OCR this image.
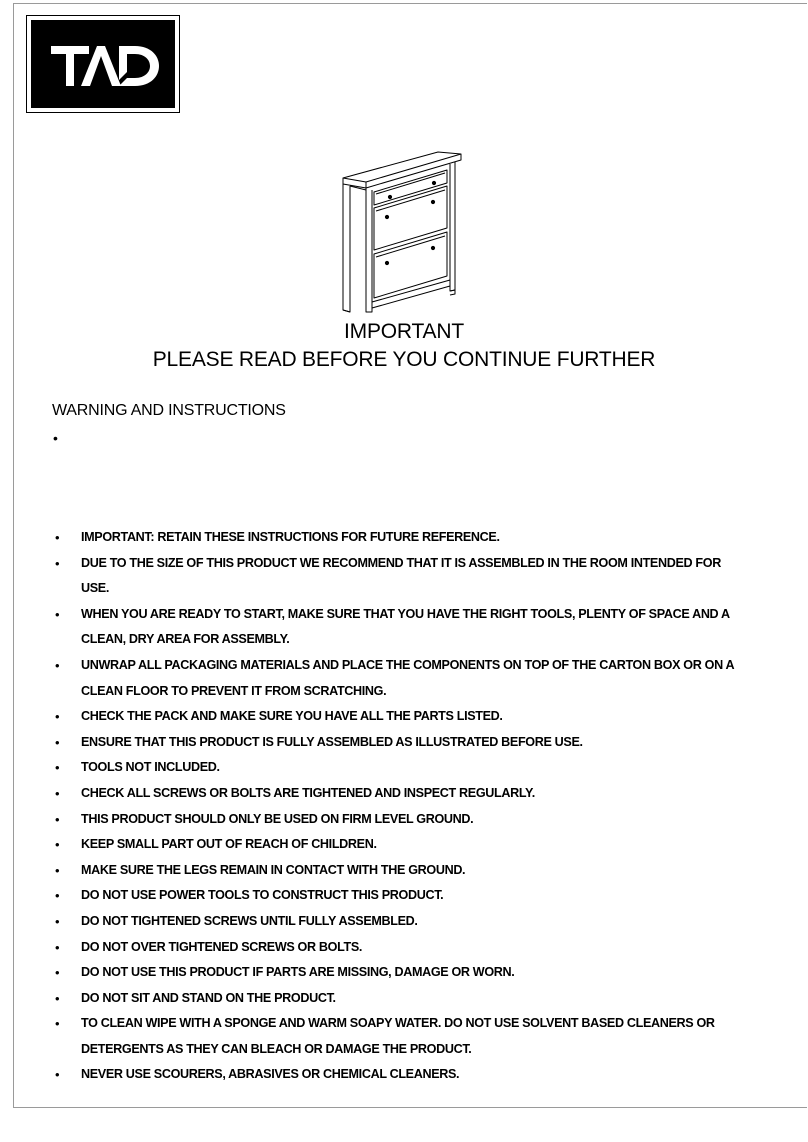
IMPORTANT
PLEASE READ BEFORE YOU CONTINUE FURTHER
WARNING AND INSTRUCTIONS
•
• IMPORTANT: RETAIN THESE INSTRUCTIONS FOR FUTURE REFERENCE.
• DUE TO THE SIZE OF THIS PRODUCT WE RECOMMEND THAT IT IS ASSEMBLED IN THE ROOM INTENDED FOR USE.
• WHEN YOU ARE READY TO START, MAKE SURE THAT YOU HAVE THE RIGHT TOOLS, PLENTY OF SPACE AND A CLEAN, DRY AREA FOR ASSEMBLY.
• UNWRAP ALL PACKAGING MATERIALS AND PLACE THE COMPONENTS ON TOP OF THE CARTON BOX OR ON A CLEAN FLOOR TO PREVENT IT FROM SCRATCHING.
• CHECK THE PACK AND MAKE SURE YOU HAVE ALL THE PARTS LISTED.
• ENSURE THAT THIS PRODUCT IS FULLY ASSEMBLED AS ILLUSTRATED BEFORE USE.
• TOOLS NOT INCLUDED.
• CHECK ALL SCREWS OR BOLTS ARE TIGHTENED AND INSPECT REGULARLY.
• THIS PRODUCT SHOULD ONLY BE USED ON FIRM LEVEL GROUND.
• KEEP SMALL PART OUT OF REACH OF CHILDREN.
• MAKE SURE THE LEGS REMAIN IN CONTACT WITH THE GROUND.
• DO NOT USE POWER TOOLS TO CONSTRUCT THIS PRODUCT.
• DO NOT TIGHTENED SCREWS UNTIL FULLY ASSEMBLED.
• DO NOT OVER TIGHTENED SCREWS OR BOLTS.
• DO NOT USE THIS PRODUCT IF PARTS ARE MISSING, DAMAGE OR WORN.
• DO NOT SIT AND STAND ON THE PRODUCT.
• TO CLEAN WIPE WITH A SPONGE AND WARM SOAPY WATER. DO NOT USE SOLVENT BASED CLEANERS OR DETERGENTS AS THEY CAN BLEACH OR DAMAGE THE PRODUCT.
• NEVER USE SCOURERS, ABRASIVES OR CHEMICAL CLEANERS.
